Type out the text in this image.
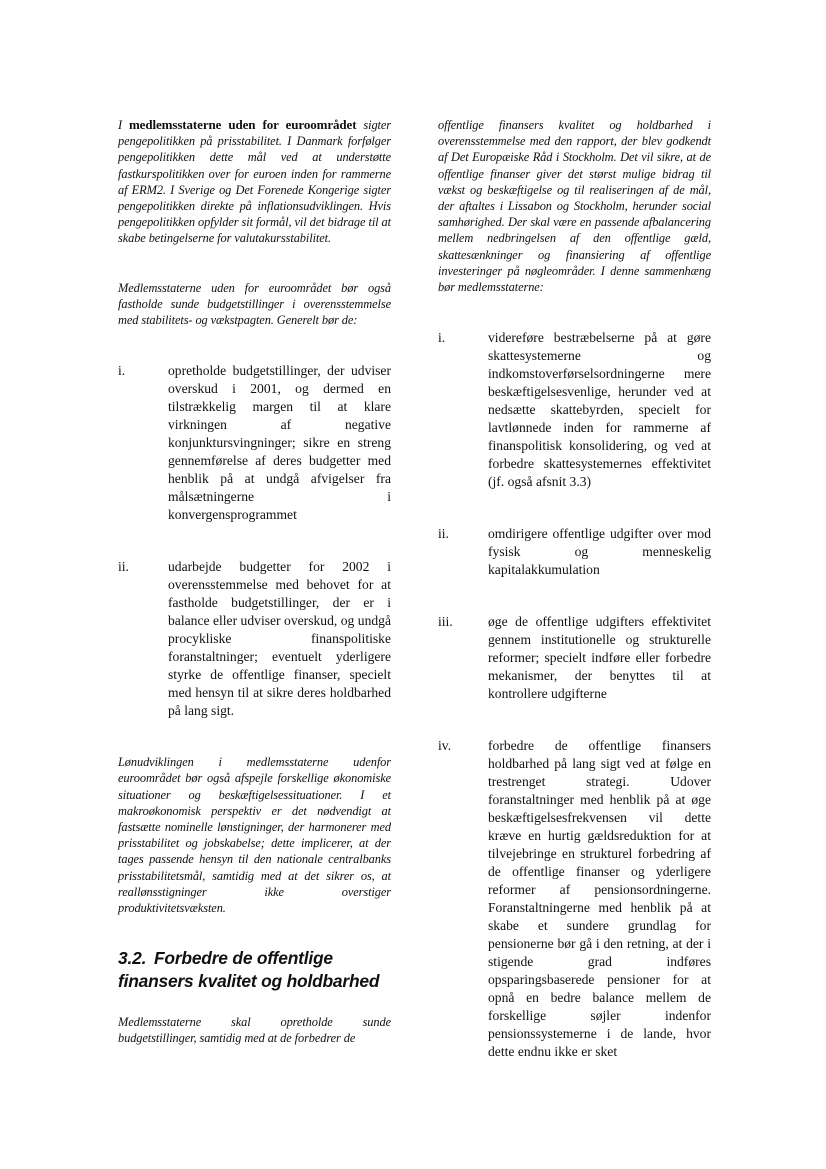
I medlemsstaterne uden for euroområdet sigter pengepolitikken på prisstabilitet. I Danmark forfølger pengepolitikken dette mål ved at understøtte fastkurspolitikken over for euroen inden for rammerne af ERM2. I Sverige og Det Forenede Kongerige sigter pengepolitikken direkte på inflationsudviklingen. Hvis pengepolitikken opfylder sit formål, vil det bidrage til at skabe betingelserne for valutakursstabilitet.

Medlemsstaterne uden for euroområdet bør også fastholde sunde budgetstillinger i overensstemmelse med stabilitets- og vækstpagten. Generelt bør de:

i.	opretholde budgetstillinger, der udviser overskud i 2001, og dermed en tilstrækkelig margen til at klare virkningen af negative konjunktursvingninger; sikre en streng gennemførelse af deres budgetter med henblik på at undgå afvigelser fra målsætningerne i konvergensprogrammet
ii.	udarbejde budgetter for 2002 i overensstemmelse med behovet for at fastholde budgetstillinger, der er i balance eller udviser overskud, og undgå procykliske finanspolitiske foranstaltninger; eventuelt yderligere styrke de offentlige finanser, specielt med hensyn til at sikre deres holdbarhed på lang sigt.

Lønudviklingen i medlemsstaterne udenfor euroområdet bør også afspejle forskellige økonomiske situationer og beskæftigelsessituationer. I et makroøkonomisk perspektiv er det nødvendigt at fastsætte nominelle lønstigninger, der harmonerer med prisstabilitet og jobskabelse; dette implicerer, at der tages passende hensyn til den nationale centralbanks prisstabilitetsmål, samtidig med at det sikrer os, at reallønsstigninger ikke overstiger produktivitetsvæksten.

3.2. Forbedre de offentlige finansers kvalitet og holdbarhed

Medlemsstaterne skal opretholde sunde budgetstillinger, samtidig med at de forbedrer de

offentlige finansers kvalitet og holdbarhed i overensstemmelse med den rapport, der blev godkendt af Det Europæiske Råd i Stockholm. Det vil sikre, at de offentlige finanser giver det størst mulige bidrag til vækst og beskæftigelse og til realiseringen af de mål, der aftaltes i Lissabon og Stockholm, herunder social samhørighed. Der skal være en passende afbalancering mellem nedbringelsen af den offentlige gæld, skattesænkninger og finansiering af offentlige investeringer på nøgleområder. I denne sammenhæng bør medlemsstaterne:

i.	videreføre bestræbelserne på at gøre skattesystemerne og indkomstoverførselsordningerne mere beskæftigelsesvenlige, herunder ved at nedsætte skattebyrden, specielt for lavtlønnede inden for rammerne af finanspolitisk konsolidering, og ved at forbedre skattesystemernes effektivitet (jf. også afsnit 3.3)
ii.	omdirigere offentlige udgifter over mod fysisk og menneskelig kapitalakkumulation
iii.	øge de offentlige udgifters effektivitet gennem institutionelle og strukturelle reformer; specielt indføre eller forbedre mekanismer, der benyttes til at kontrollere udgifterne
iv.	forbedre de offentlige finansers holdbarhed på lang sigt ved at følge en trestrenget strategi. Udover foranstaltninger med henblik på at øge beskæftigelsesfrekvensen vil dette kræve en hurtig gældsreduktion for at tilvejebringe en strukturel forbedring af de offentlige finanser og yderligere reformer af pensionsordningerne. Foranstaltningerne med henblik på at skabe et sundere grundlag for pensionerne bør gå i den retning, at der i stigende grad indføres opsparingsbaserede pensioner for at opnå en bedre balance mellem de forskellige søjler indenfor pensionssystemerne i de lande, hvor dette endnu ikke er sket
